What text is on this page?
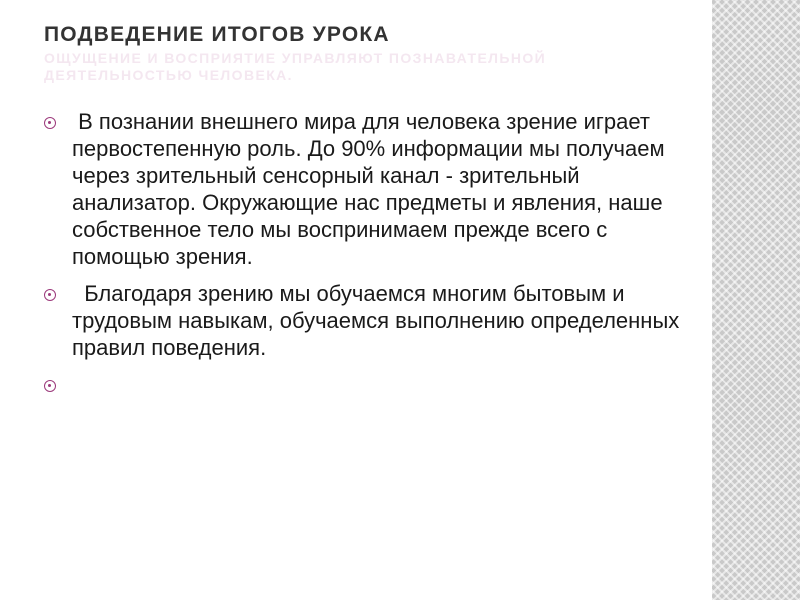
ПОДВЕДЕНИЕ ИТОГОВ УРОКА
ОЩУЩЕНИЕ И ВОСПРИЯТИЕ УПРАВЛЯЮТ ПОЗНАВАТЕЛЬНОЙ ДЕЯТЕЛЬНОСТЬЮ ЧЕЛОВЕКА.
В познании внешнего мира для человека зрение играет первостепенную роль. До 90% информации мы получаем через зрительный сенсорный канал - зрительный анализатор. Окружающие нас предметы и явления, наше собственное тело мы воспринимаем прежде всего с помощью зрения.
Благодаря зрению мы обучаемся многим бытовым и трудовым навыкам, обучаемся выполнению определенных правил поведения.
